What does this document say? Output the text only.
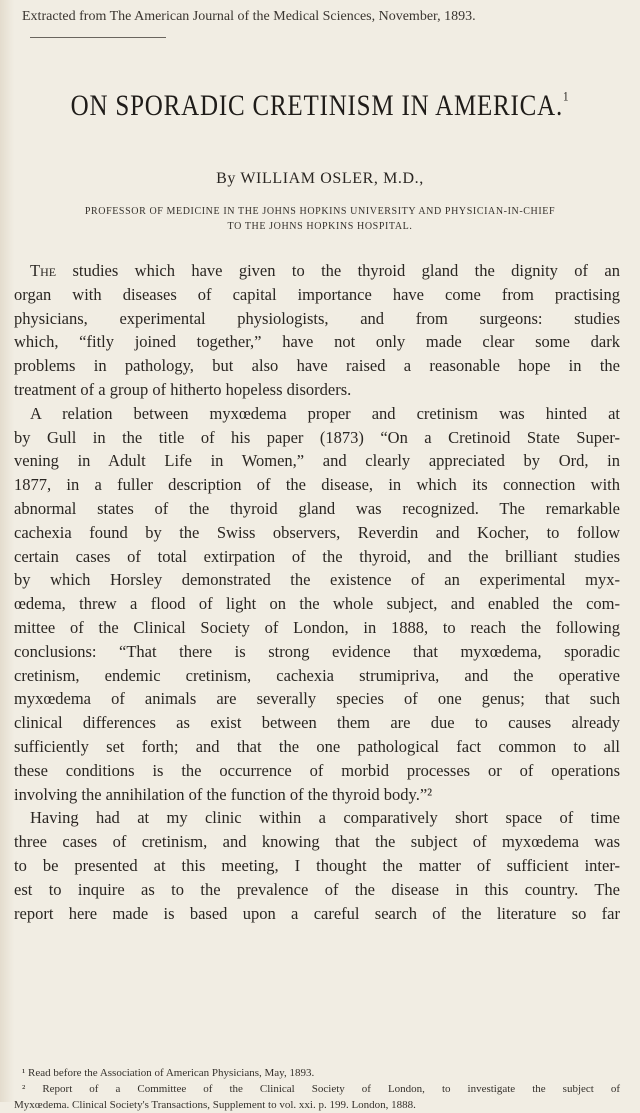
Extracted from The American Journal of the Medical Sciences, November, 1893.
ON SPORADIC CRETINISM IN AMERICA.$^1$
By WILLIAM OSLER, M.D.,
PROFESSOR OF MEDICINE IN THE JOHNS HOPKINS UNIVERSITY AND PHYSICIAN-IN-CHIEF
TO THE JOHNS HOPKINS HOSPITAL.
The studies which have given to the thyroid gland the dignity of an
organ with diseases of capital importance have come from practising
physicians, experimental physiologists, and from surgeons: studies
which, “fitly joined together,” have not only made clear some dark
problems in pathology, but also have raised a reasonable hope in the
treatment of a group of hitherto hopeless disorders.
A relation between myxœdema proper and cretinism was hinted at
by Gull in the title of his paper (1873) “On a Cretinoid State Super-
vening in Adult Life in Women,” and clearly appreciated by Ord, in
1877, in a fuller description of the disease, in which its connection with
abnormal states of the thyroid gland was recognized. The remarkable
cachexia found by the Swiss observers, Reverdin and Kocher, to follow
certain cases of total extirpation of the thyroid, and the brilliant studies
by which Horsley demonstrated the existence of an experimental myx-
œdema, threw a flood of light on the whole subject, and enabled the com-
mittee of the Clinical Society of London, in 1888, to reach the following
conclusions: “That there is strong evidence that myxœdema, sporadic
cretinism, endemic cretinism, cachexia strumipriva, and the operative
myxœdema of animals are severally species of one genus; that such
clinical differences as exist between them are due to causes already
sufficiently set forth; and that the one pathological fact common to all
these conditions is the occurrence of morbid processes or of operations
involving the annihilation of the function of the thyroid body.”²
Having had at my clinic within a comparatively short space of time
three cases of cretinism, and knowing that the subject of myxœdema was
to be presented at this meeting, I thought the matter of sufficient inter-
est to inquire as to the prevalence of the disease in this country. The
report here made is based upon a careful search of the literature so far
¹ Read before the Association of American Physicians, May, 1893.
² Report of a Committee of the Clinical Society of London, to investigate the subject of
Myxœdema. Clinical Society's Transactions, Supplement to vol. xxi. p. 199. London, 1888.
